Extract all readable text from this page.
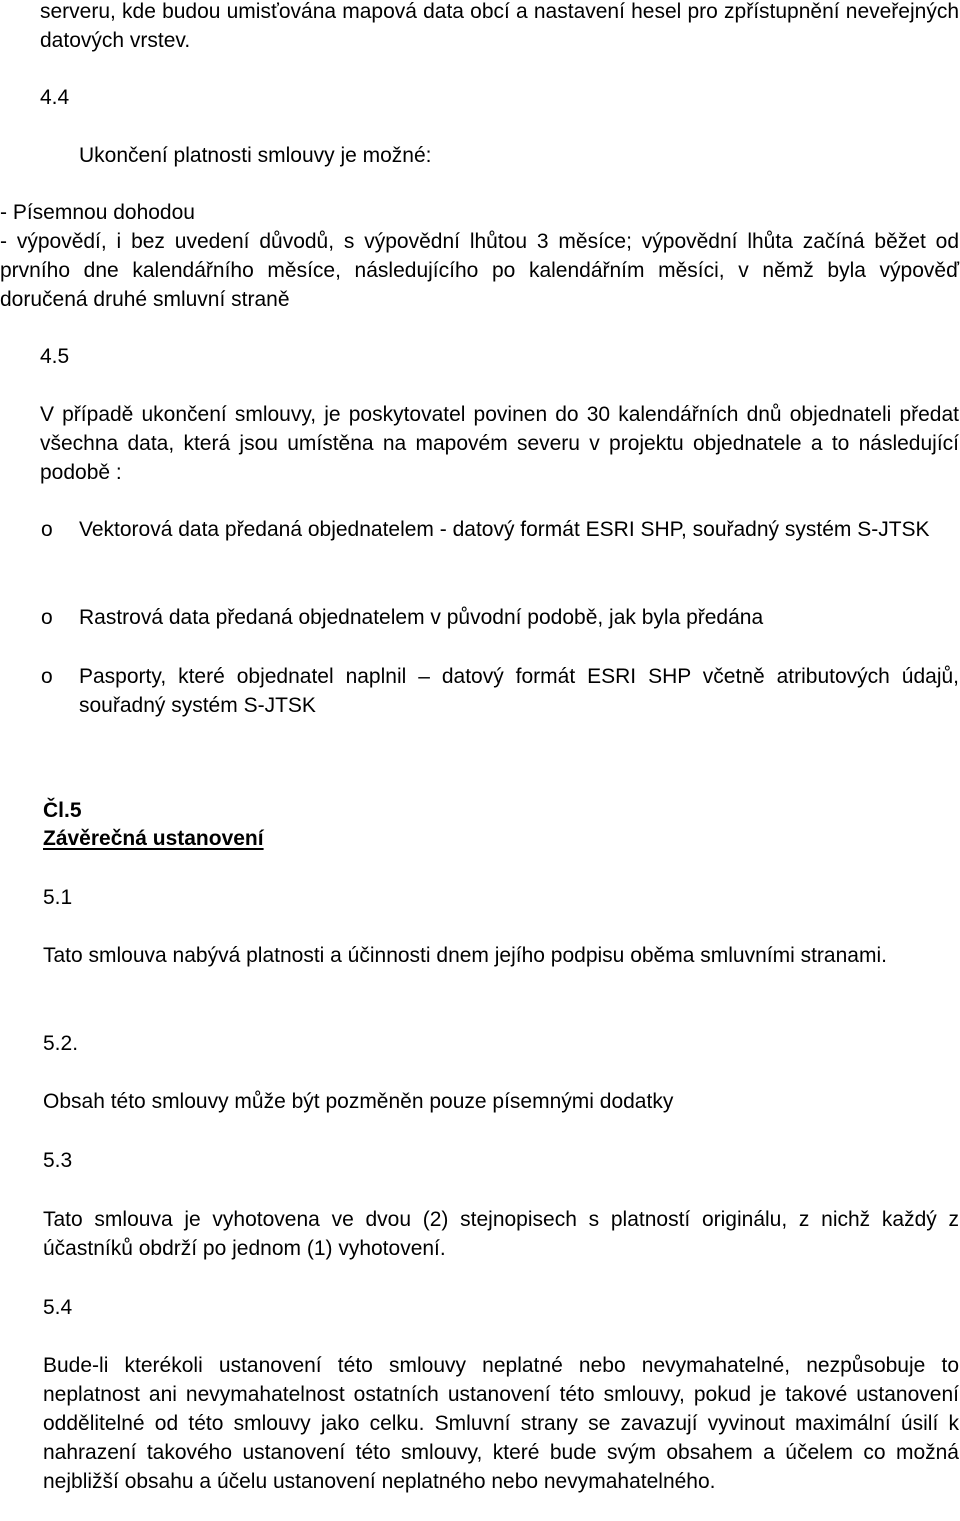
serveru, kde budou umisťována mapová data obcí a nastavení hesel pro zpřístupnění neveřejných datových vrstev.

4.4
Ukončení platnosti smlouvy je možné:
- Písemnou dohodou

- výpovědí, i bez uvedení důvodů, s výpovědní lhůtou 3 měsíce; výpovědní lhůta začíná běžet od prvního dne kalendářního měsíce, následujícího po kalendářním měsíci, v němž byla výpověď doručená druhé smluvní straně

4.5

V případě ukončení smlouvy, je poskytovatel povinen do 30 kalendářních dnů objednateli předat všechna data, která jsou umístěna na mapovém severu v projektu objednatele a to následující podobě :

o Vektorová data předaná objednatelem - datový formát ESRI SHP, souřadný systém S-JTSK

o Rastrová data předaná objednatelem v původní podobě, jak byla předána

o Pasporty, které objednatel naplnil – datový formát ESRI SHP včetně atributových údajů, souřadný systém S-JTSK

Čl.5
Závěrečná ustanovení
5.1

Tato smlouva nabývá platnosti a účinnosti dnem jejího podpisu oběma smluvními stranami.

5.2.

Obsah této smlouvy může být pozměněn pouze písemnými dodatky

5.3

Tato smlouva je vyhotovena ve dvou (2) stejnopisech s platností originálu, z nichž každý z účastníků obdrží po jednom (1) vyhotovení.

5.4

Bude-li kterékoli ustanovení této smlouvy neplatné nebo nevymahatelné, nezpůsobuje to neplatnost ani nevymahatelnost ostatních ustanovení této smlouvy, pokud je takové ustanovení oddělitelné od této smlouvy jako celku. Smluvní strany se zavazují vyvinout maximální úsilí k nahrazení takového ustanovení této smlouvy, které bude svým obsahem a účelem co možná nejbližší obsahu a účelu ustanovení neplatného nebo nevymahatelného.
